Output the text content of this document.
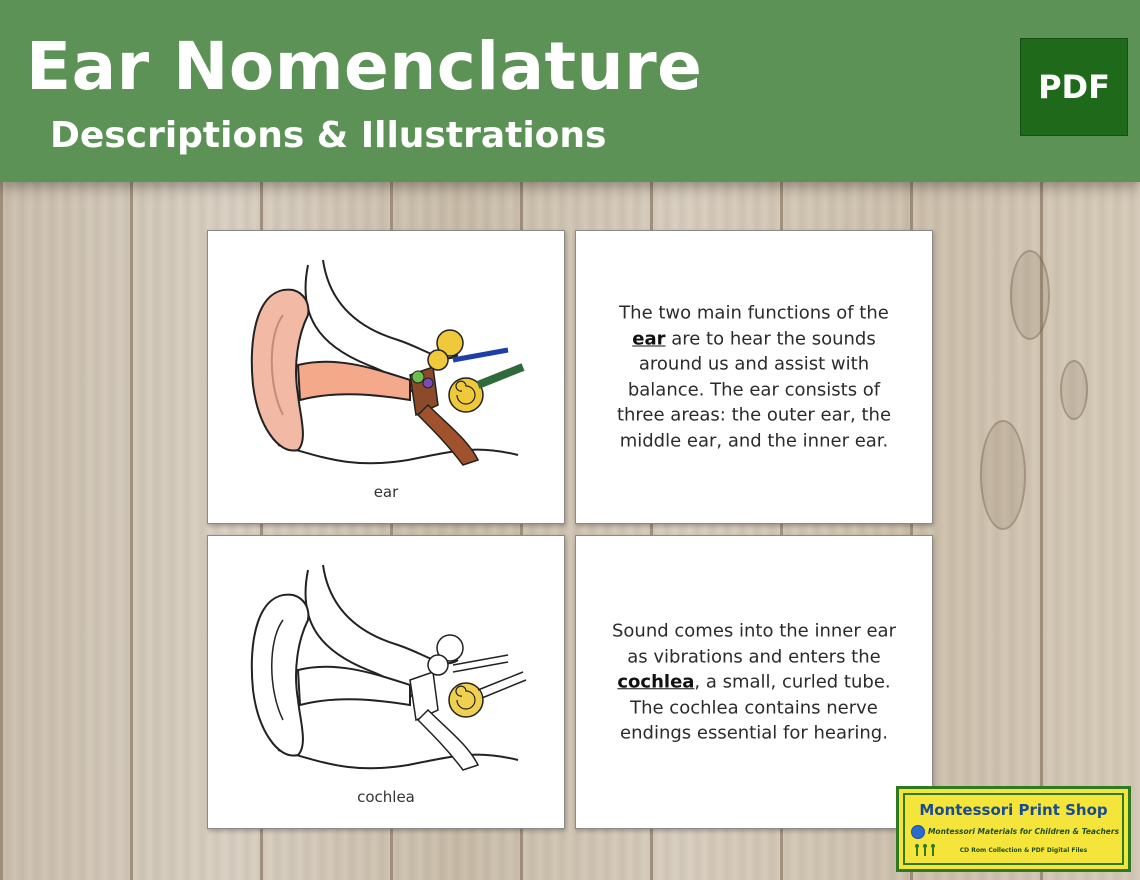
Ear Nomenclature
Descriptions & Illustrations
PDF
ear
The two main functions of the ear are to hear the sounds around us and assist with balance. The ear consists of three areas: the outer ear, the middle ear, and the inner ear.
cochlea
Sound comes into the inner ear as vibrations and enters the cochlea, a small, curled tube. The cochlea contains nerve endings essential for hearing.
Montessori Print Shop
Montessori Materials for Children & Teachers
CD Rom Collection & PDF Digital Files
